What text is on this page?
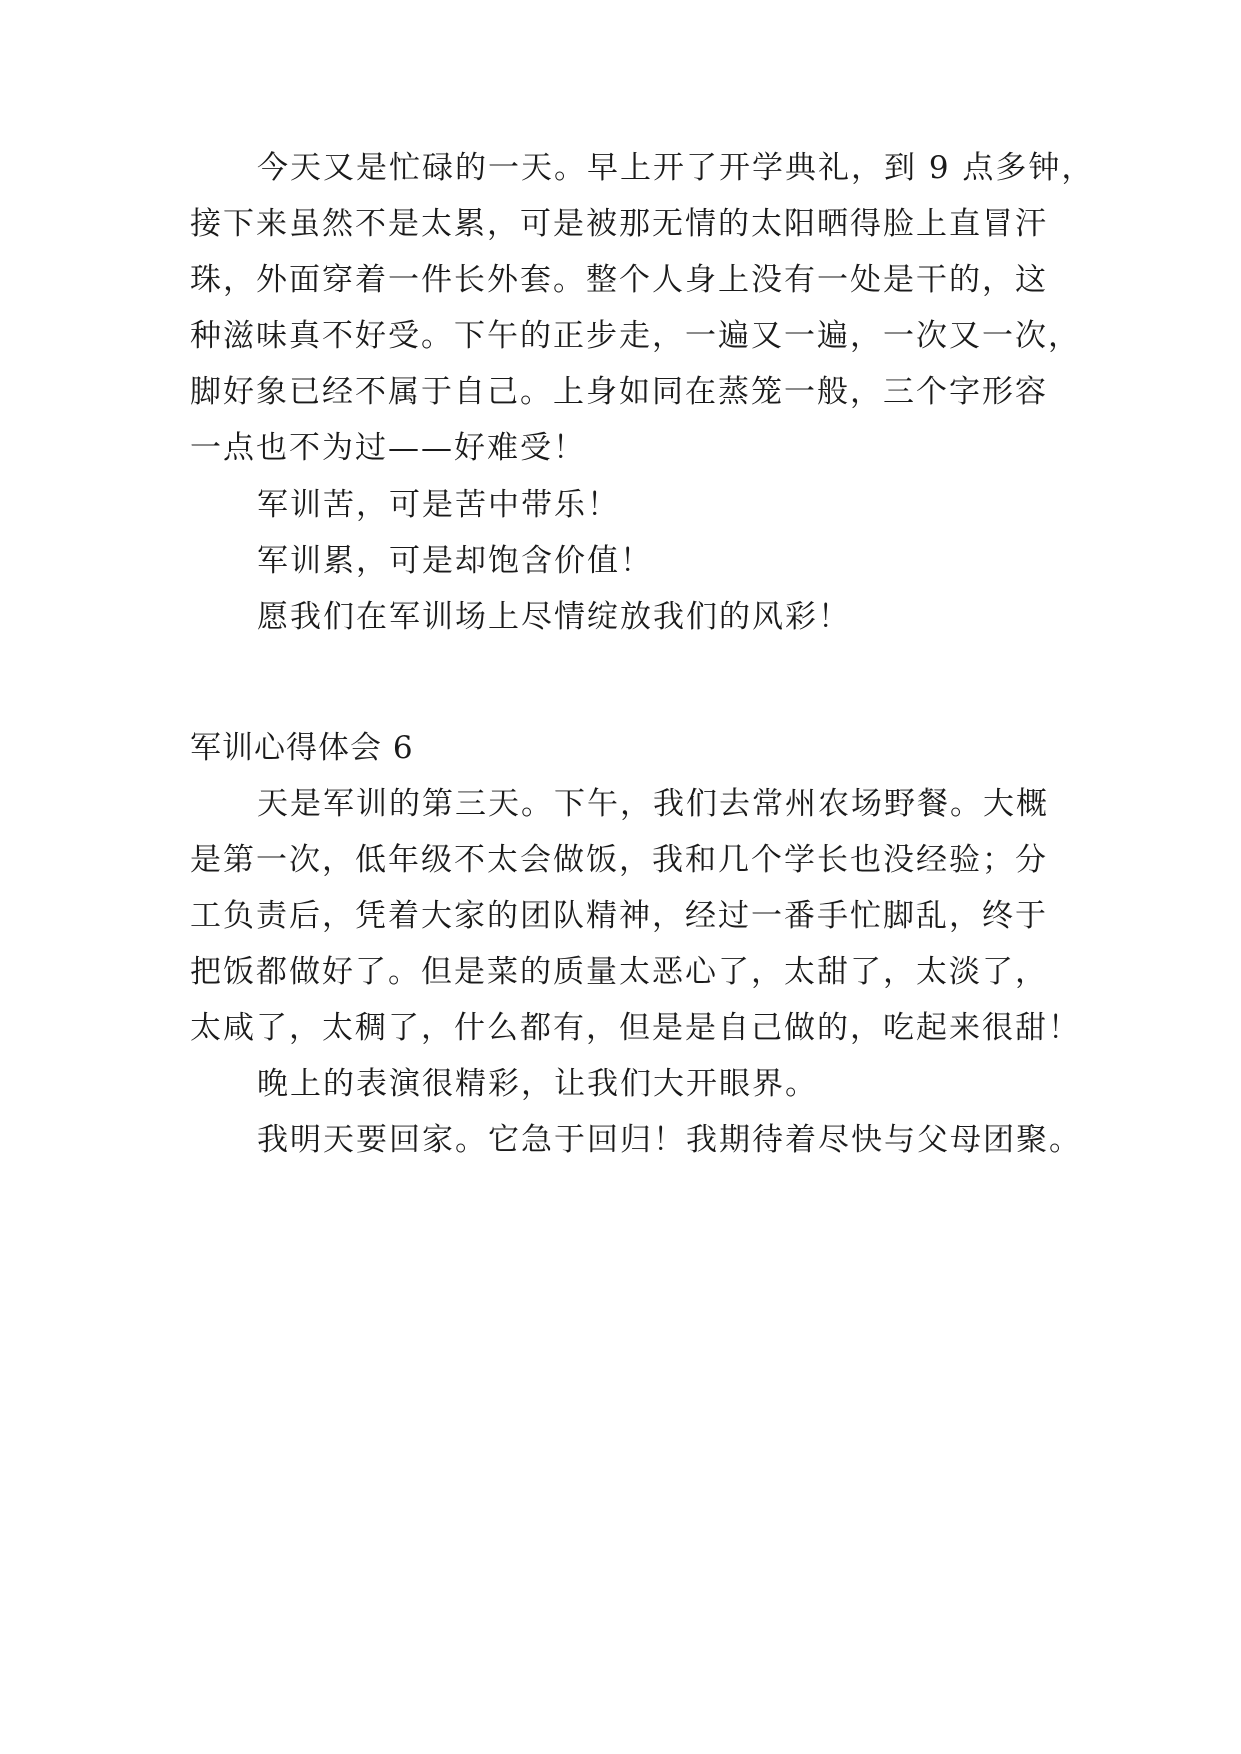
今天又是忙碌的一天。早上开了开学典礼，到 9 点多钟，
接下来虽然不是太累，可是被那无情的太阳晒得脸上直冒汗
珠，外面穿着一件长外套。整个人身上没有一处是干的，这
种滋味真不好受。下午的正步走，一遍又一遍，一次又一次，
脚好象已经不属于自己。上身如同在蒸笼一般，三个字形容
一点也不为过——好难受！
军训苦，可是苦中带乐！
军训累，可是却饱含价值！
愿我们在军训场上尽情绽放我们的风彩！
军训心得体会 6
天是军训的第三天。下午，我们去常州农场野餐。大概
是第一次，低年级不太会做饭，我和几个学长也没经验；分
工负责后，凭着大家的团队精神，经过一番手忙脚乱，终于
把饭都做好了。但是菜的质量太恶心了，太甜了，太淡了，
太咸了，太稠了，什么都有，但是是自己做的，吃起来很甜！
晚上的表演很精彩，让我们大开眼界。
我明天要回家。它急于回归！我期待着尽快与父母团聚。
